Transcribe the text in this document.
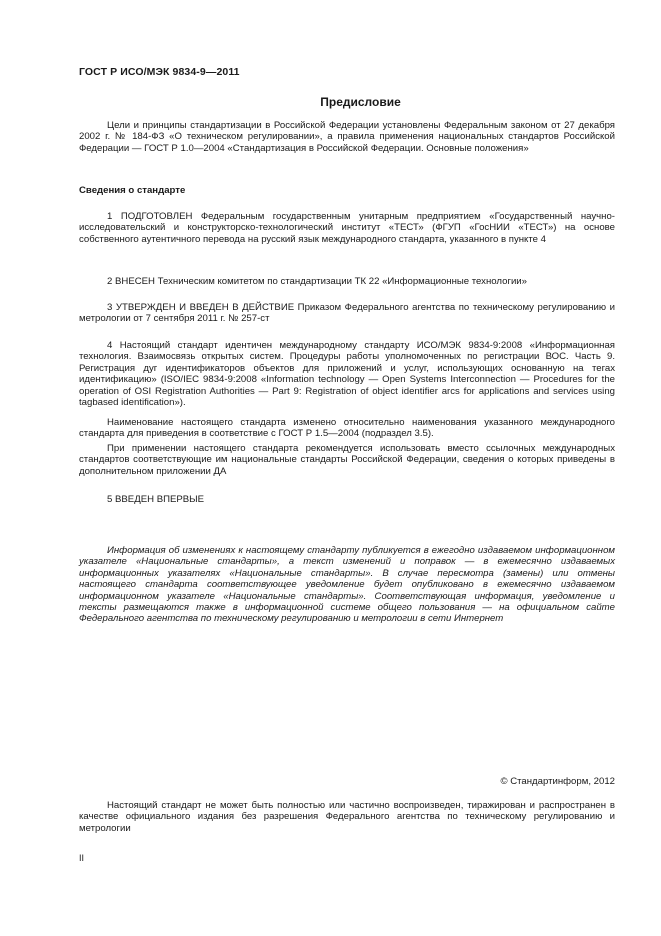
ГОСТ Р ИСО/МЭК 9834-9—2011
Предисловие
Цели и принципы стандартизации в Российской Федерации установлены Федеральным законом от 27 декабря 2002 г. № 184-ФЗ «О техническом регулировании», а правила применения национальных стандартов Российской Федерации — ГОСТ Р 1.0—2004 «Стандартизация в Российской Федерации. Основные положения»
Сведения о стандарте
1 ПОДГОТОВЛЕН Федеральным государственным унитарным предприятием «Государственный научно-исследовательский и конструкторско-технологический институт «ТЕСТ» (ФГУП «ГосНИИ «ТЕСТ») на основе собственного аутентичного перевода на русский язык международного стандарта, указанного в пункте 4
2 ВНЕСЕН Техническим комитетом по стандартизации ТК 22 «Информационные технологии»
3 УТВЕРЖДЕН И ВВЕДЕН В ДЕЙСТВИЕ Приказом Федерального агентства по техническому регулированию и метрологии от 7 сентября 2011 г. № 257-ст
4 Настоящий стандарт идентичен международному стандарту ИСО/МЭК 9834-9:2008 «Информационная технология. Взаимосвязь открытых систем. Процедуры работы уполномоченных по регистрации ВОС. Часть 9. Регистрация дуг идентификаторов объектов для приложений и услуг, использующих основанную на тегах идентификацию» (ISO/IEC 9834-9:2008 «Information technology — Open Systems Interconnection — Procedures for the operation of OSI Registration Authorities — Part 9: Registration of object identifier arcs for applications and services using tagbased identification»).
Наименование настоящего стандарта изменено относительно наименования указанного международного стандарта для приведения в соответствие с ГОСТ Р 1.5—2004 (подраздел 3.5).
При применении настоящего стандарта рекомендуется использовать вместо ссылочных международных стандартов соответствующие им национальные стандарты Российской Федерации, сведения о которых приведены в дополнительном приложении ДА
5 ВВЕДЕН ВПЕРВЫЕ
Информация об изменениях к настоящему стандарту публикуется в ежегодно издаваемом информационном указателе «Национальные стандарты», а текст изменений и поправок — в ежемесячно издаваемых информационных указателях «Национальные стандарты». В случае пересмотра (замены) или отмены настоящего стандарта соответствующее уведомление будет опубликовано в ежемесячно издаваемом информационном указателе «Национальные стандарты». Соответствующая информация, уведомление и тексты размещаются также в информационной системе общего пользования — на официальном сайте Федерального агентства по техническому регулированию и метрологии в сети Интернет
© Стандартинформ, 2012
Настоящий стандарт не может быть полностью или частично воспроизведен, тиражирован и распространен в качестве официального издания без разрешения Федерального агентства по техническому регулированию и метрологии
II
